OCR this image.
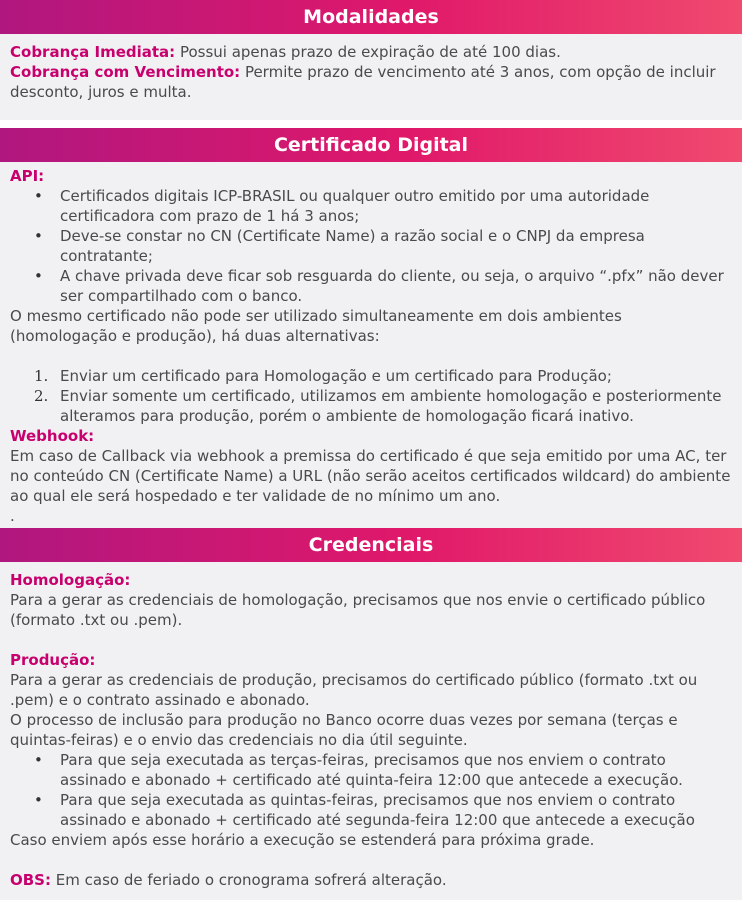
Modalidades

Cobrança Imediata: Possui apenas prazo de expiração de até 100 dias.

Cobrança com Vencimento: Permite prazo de vencimento até 3 anos, com opção de incluir desconto, juros e multa.

Certificado Digital

API:

• Certificados digitais ICP-BRASIL ou qualquer outro emitido por uma autoridade certificadora com prazo de 1 há 3 anos;
• Deve-se constar no CN (Certificate Name) a razão social e o CNPJ da empresa contratante;
• A chave privada deve ficar sob resguarda do cliente, ou seja, o arquivo “.pfx” não dever ser compartilhado com o banco.

O mesmo certificado não pode ser utilizado simultaneamente em dois ambientes (homologação e produção), há duas alternativas:

1. Enviar um certificado para Homologação e um certificado para Produção;
2. Enviar somente um certificado, utilizamos em ambiente homologação e posteriormente alteramos para produção, porém o ambiente de homologação ficará inativo.

Webhook:

Em caso de Callback via webhook a premissa do certificado é que seja emitido por uma AC, ter no conteúdo CN (Certificate Name) a URL (não serão aceitos certificados wildcard) do ambiente ao qual ele será hospedado e ter validade de no mínimo um ano.

.

Credenciais

Homologação:

Para a gerar as credenciais de homologação, precisamos que nos envie o certificado público (formato .txt ou .pem).

Produção:

Para a gerar as credenciais de produção, precisamos do certificado público (formato .txt ou .pem) e o contrato assinado e abonado.

O processo de inclusão para produção no Banco ocorre duas vezes por semana (terças e quintas-feiras) e o envio das credenciais no dia útil seguinte.

• Para que seja executada as terças-feiras, precisamos que nos enviem o contrato assinado e abonado + certificado até quinta-feira 12:00 que antecede a execução.
• Para que seja executada as quintas-feiras, precisamos que nos enviem o contrato assinado e abonado + certificado até segunda-feira 12:00 que antecede a execução

Caso enviem após esse horário a execução se estenderá para próxima grade.

OBS: Em caso de feriado o cronograma sofrerá alteração.
